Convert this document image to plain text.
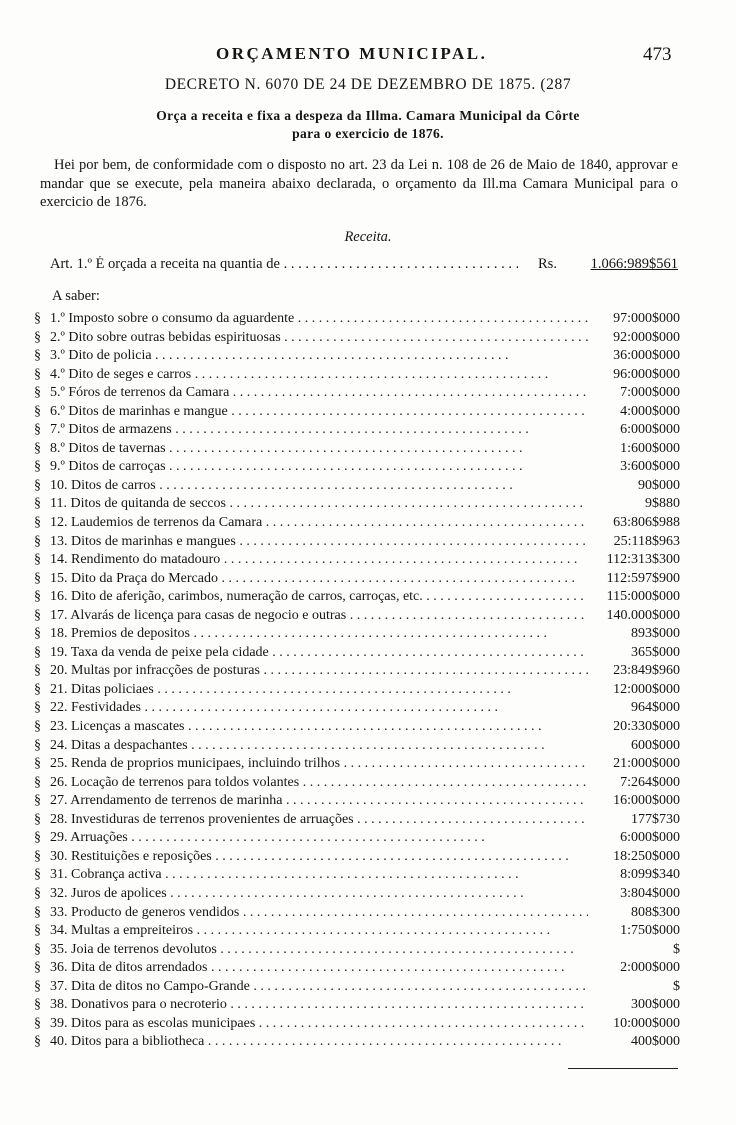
ORÇAMENTO MUNICIPAL.	473
DECRETO N. 6070 DE 24 DE DEZEMBRO DE 1875. (287
Orça a receita e fixa a despeza da Illma. Camara Municipal da Côrte
para o exercicio de 1876.
Hei por bem, de conformidade com o disposto no art. 23 da Lei n. 108 de 26 de Maio de 1840, approvar e mandar que se execute, pela maneira abaixo declarada, o orçamento da Ill.ma Camara Municipal para o exercicio de 1876.
Receita.
Art. 1.º É orçada a receita na quantia de . . .	Rs. 1.066:989$561
A saber:
§ 1.º Imposto sobre o consumo da aguardente . . .	97:000$000
§ 2.º Dito sobre outras bebidas espirituosas . . .	92:000$000
§ 3.º Dito de policia . . .	36:000$000
§ 4.º Dito de seges e carros . . .	96:000$000
§ 5.º Fóros de terrenos da Camara . . .	7:000$000
§ 6.º Ditos de marinhas e mangue . . .	4:000$000
§ 7.º Ditos de armazens . . .	6:000$000
§ 8.º Ditos de tavernas . . .	1:600$000
§ 9.º Ditos de carroças . . .	3:600$000
§ 10. Ditos de carros . . .	90$000
§ 11. Ditos de quitanda de seccos . . .	9$880
§ 12. Laudemios de terrenos da Camara . . .	63:806$988
§ 13. Ditos de marinhas e mangues . . .	25:118$963
§ 14. Rendimento do matadouro . . .	112:313$300
§ 15. Dito da Praça do Mercado . . .	112:597$900
§ 16. Dito de aferição, carimbos, numeração de carros, carroças, etc. . . .	115:000$000
§ 17. Alvarás de licença para casas de negocio e outras . . .	140.000$000
§ 18. Premios de depositos . . .	893$000
§ 19. Taxa da venda de peixe pela cidade . . .	365$000
§ 20. Multas por infracções de posturas . . .	23:849$960
§ 21. Ditas policiaes . . .	12:000$000
§ 22. Festividades . . .	964$000
§ 23. Licenças a mascates . . .	20:330$000
§ 24. Ditas a despachantes . . .	600$000
§ 25. Renda de proprios municipaes, incluindo trilhos . . .	21:000$000
§ 26. Locação de terrenos para toldos volantes . . .	7:264$000
§ 27. Arrendamento de terrenos de marinha . . .	16:000$000
§ 28. Investiduras de terrenos provenientes de arruações . . .	177$730
§ 29. Arruações . . .	6:000$000
§ 30. Restituições e reposições . . .	18:250$000
§ 31. Cobrança activa . . .	8:099$340
§ 32. Juros de apolices . . .	3:804$000
§ 33. Producto de generos vendidos . . .	808$300
§ 34. Multas a empreiteiros . . .	1:750$000
§ 35. Joia de terrenos devolutos . . .	$
§ 36. Dita de ditos arrendados . . .	2:000$000
§ 37. Dita de ditos no Campo-Grande . . .	$
§ 38. Donativos para o necroterio . . .	300$000
§ 39. Ditos para as escolas municipaes . . .	10:000$000
§ 40. Ditos para a bibliotheca . . .	400$000
